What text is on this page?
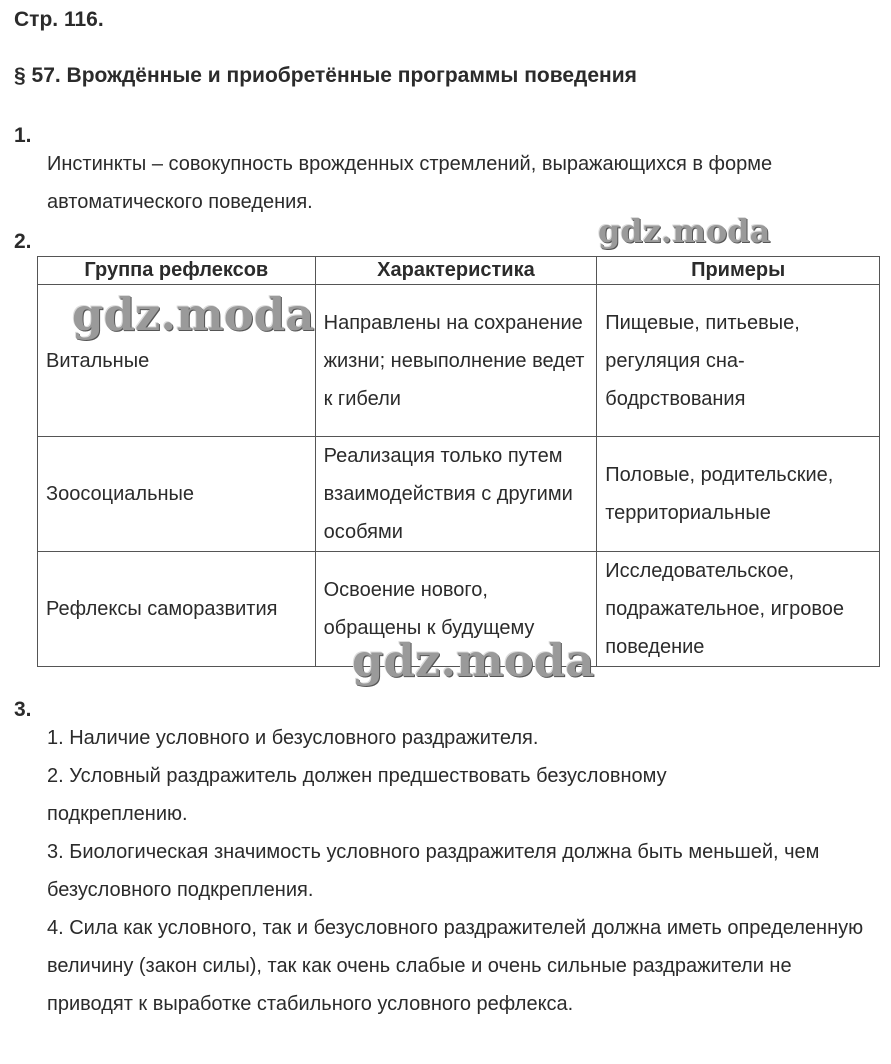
Стр. 116.
§ 57. Врождённые и приобретённые программы поведения
1.
Инстинкты – совокупность врожденных стремлений, выражающихся в форме автоматического поведения.
2.
Группа рефлексов	Характеристика	Примеры
Витальные	Направлены на сохранение жизни; невыполнение ведет к гибели	Пищевые, питьевые, регуляция сна-бодрствования
Зоосоциальные	Реализация только путем взаимодействия с другими особями	Половые, родительские, территориальные
Рефлексы саморазвития	Освоение нового, обращены к будущему	Исследовательское, подражательное, игровое поведение
3.
1. Наличие условного и безусловного раздражителя.
2. Условный раздражитель должен предшествовать безусловному подкреплению.
3. Биологическая значимость условного раздражителя должна быть меньшей, чем безусловного подкрепления.
4. Сила как условного, так и безусловного раздражителей должна иметь определенную величину (закон силы), так как очень слабые и очень сильные раздражители не приводят к выработке стабильного условного рефлекса.
gdz.moda
gdz.moda
gdz.moda
